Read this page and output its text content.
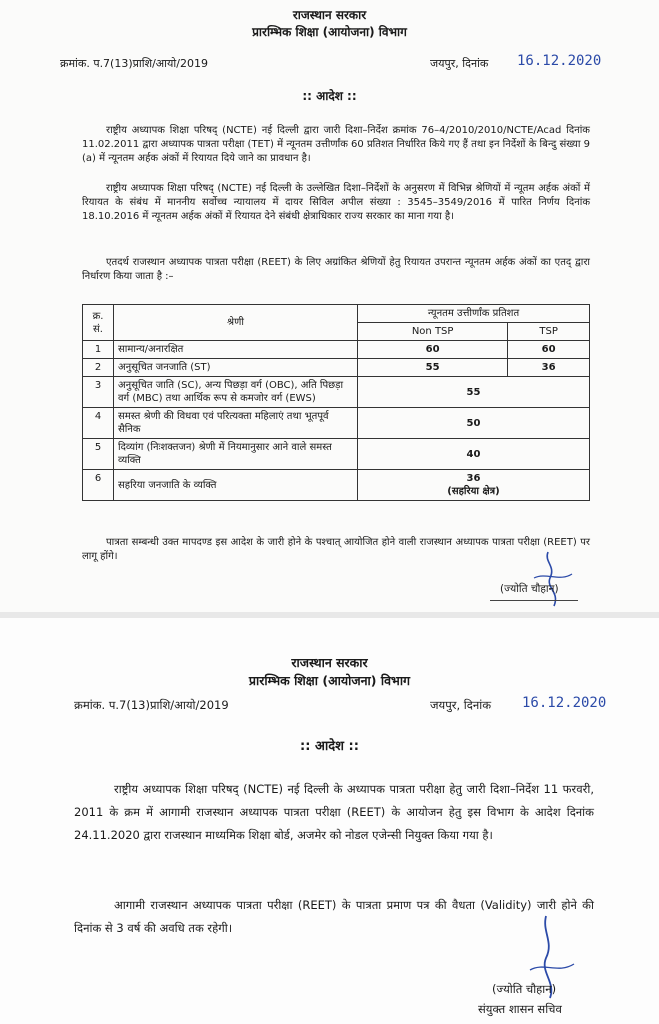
राजस्थान सरकार
प्रारम्भिक शिक्षा (आयोजना) विभाग
क्रमांक. प.7(13)प्राशि/आयो/2019	जयपुर, दिनांक 16.12.2020
:: आदेश ::
राष्ट्रीय अध्यापक शिक्षा परिषद् (NCTE) नई दिल्ली द्वारा जारी दिशा–निर्देश क्रमांक 76–4/2010/2010/NCTE/Acad दिनांक 11.02.2011 द्वारा अध्यापक पात्रता परीक्षा (TET) में न्यूनतम उत्तीर्णांक 60 प्रतिशत निर्धारित किये गए हैं तथा इन निर्देशों के बिन्दु संख्या 9 (a) में न्यूनतम अर्हक अंकों में रियायत दिये जाने का प्रावधान है।
राष्ट्रीय अध्यापक शिक्षा परिषद् (NCTE) नई दिल्ली के उल्लेखित दिशा–निर्देशों के अनुसरण में विभिन्न श्रेणियों में न्यूतम अर्हक अंकों में रियायत के संबंध में माननीय सर्वोच्च न्यायालय में दायर सिविल अपील संख्या : 3545–3549/2016 में पारित निर्णय दिनांक 18.10.2016 में न्यूनतम अर्हक अंकों में रियायत देने संबंधी क्षेत्राधिकार राज्य सरकार का माना गया है।
एतदर्थ राजस्थान अध्यापक पात्रता परीक्षा (REET) के लिए अग्रांकित श्रेणियों हेतु रियायत उपरान्त न्यूनतम अर्हक अंकों का एतद् द्वारा निर्धारण किया जाता है :–
क्र. सं.	श्रेणी	न्यूनतम उत्तीर्णांक प्रतिशत	
		Non TSP	TSP
1	सामान्य/अनारक्षित	60	60
2	अनुसूचित जनजाति (ST)	55	36
3	अनुसूचित जाति (SC), अन्य पिछड़ा वर्ग (OBC), अति पिछड़ा वर्ग (MBC) तथा आर्थिक रूप से कमजोर वर्ग (EWS)	55	
4	समस्त श्रेणी की विधवा एवं परित्यक्ता महिलाएं तथा भूतपूर्व सैनिक	50	
5	दिव्यांग (निःशक्तजन) श्रेणी में नियमानुसार आने वाले समस्त व्यक्ति	40	
6	सहरिया जनजाति के व्यक्ति	36
(सहरिया क्षेत्र)	
पात्रता सम्बन्धी उक्त मापदण्ड इस आदेश के जारी होने के पश्चात् आयोजित होने वाली राजस्थान अध्यापक पात्रता परीक्षा (REET) पर लागू होंगे।
(ज्योति चौहान)
राजस्थान सरकार
प्रारम्भिक शिक्षा (आयोजना) विभाग
क्रमांक. प.7(13)प्राशि/आयो/2019	जयपुर, दिनांक 16.12.2020
:: आदेश ::
राष्ट्रीय अध्यापक शिक्षा परिषद् (NCTE) नई दिल्ली के अध्यापक पात्रता परीक्षा हेतु जारी दिशा–निर्देश 11 फरवरी, 2011 के क्रम में आगामी राजस्थान अध्यापक पात्रता परीक्षा (REET) के आयोजन हेतु इस विभाग के आदेश दिनांक 24.11.2020 द्वारा राजस्थान माध्यमिक शिक्षा बोर्ड, अजमेर को नोडल एजेन्सी नियुक्त किया गया है।
आगामी राजस्थान अध्यापक पात्रता परीक्षा (REET) के पात्रता प्रमाण पत्र की वैधता (Validity) जारी होने की दिनांक से 3 वर्ष की अवधि तक रहेगी।
(ज्योति चौहान)
संयुक्त शासन सचिव
